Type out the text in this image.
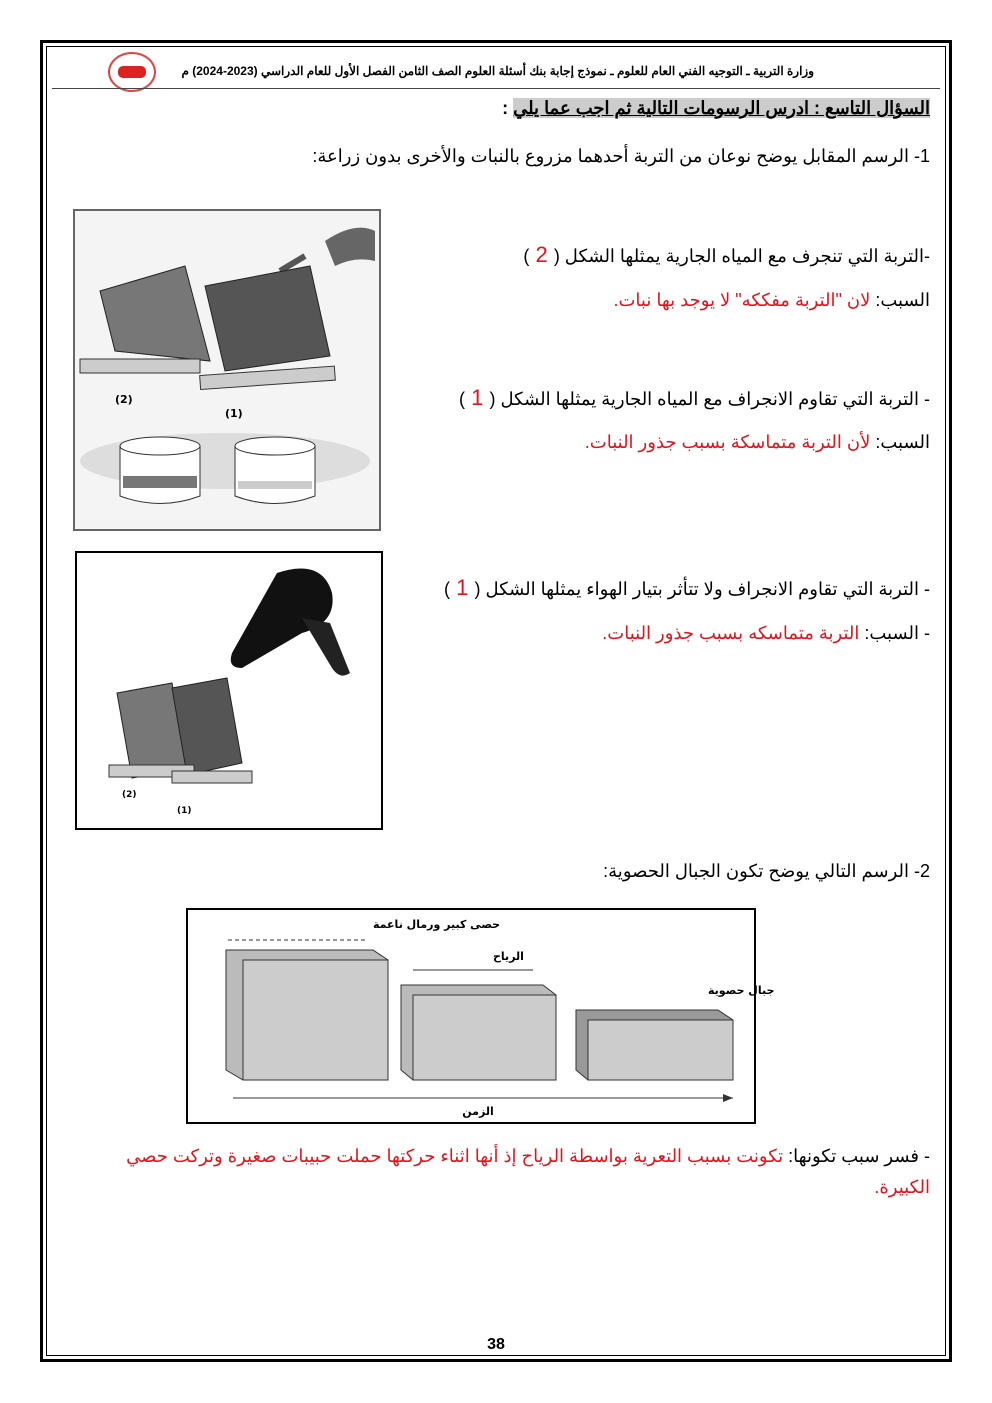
وزارة التربية ـ التوجيه الفني العام للعلوم ـ نموذج إجابة بنك أسئلة العلوم الصف الثامن الفصل الأول للعام الدراسي (2023-2024) م
السؤال التاسع : ادرس الرسومات التالية ثم اجب عما يلي :
1- الرسم المقابل يوضح نوعان من التربة أحدهما مزروع بالنبات والأخرى بدون زراعة:
-التربة التي تنجرف مع المياه الجارية يمثلها الشكل ( 2 )
السبب: لان "التربة مفككه" لا يوجد بها نبات.
- التربة التي تقاوم الانجراف مع المياه الجارية يمثلها الشكل ( 1 )
السبب: لأن التربة متماسكة بسبب جذور النبات.
- التربة التي تقاوم الانجراف ولا تتأثر بتيار الهواء يمثلها الشكل ( 1 )
- السبب: التربة متماسكه بسبب جذور النبات.
(2)
(1)
(2)
(1)
2- الرسم التالي يوضح تكون الجبال الحصوية:
حصى كبير ورمال ناعمة
الرياح
جبال حصوية
الزمن
- فسر سبب تكونها: تكونت بسبب التعرية بواسطة الرياح إذ أنها اثناء حركتها حملت حبيبات صغيرة وتركت حصي
الكبيرة.
38
